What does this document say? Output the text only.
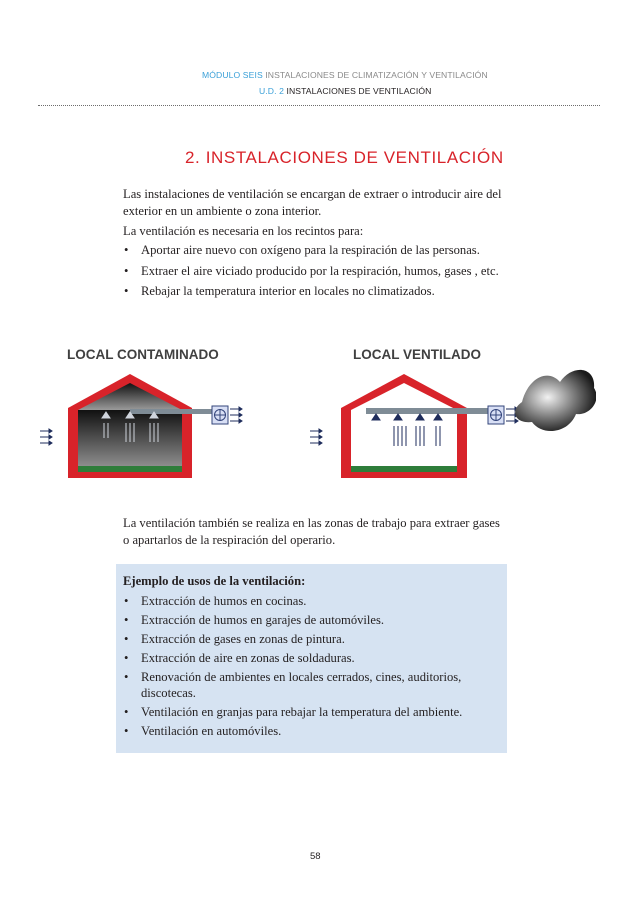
MÓDULO SEIS INSTALACIONES DE CLIMATIZACIÓN Y VENTILACIÓN
U.D. 2 INSTALACIONES DE VENTILACIÓN
2. INSTALACIONES DE VENTILACIÓN
Las instalaciones de ventilación se encargan de extraer o introducir aire del exterior en un ambiente o zona interior.
La ventilación es necesaria en los recintos para:
• Aportar aire nuevo con oxígeno para la respiración de las personas.
• Extraer el aire viciado producido por la respiración, humos, gases , etc.
• Rebajar la temperatura interior en locales no climatizados.
LOCAL CONTAMINADO	LOCAL VENTILADO
La ventilación también se realiza en las zonas de trabajo para extraer gases o apartarlos de la respiración del operario.
Ejemplo de usos de la ventilación:
• Extracción de humos en cocinas.
• Extracción de humos en garajes de automóviles.
• Extracción de gases en zonas de pintura.
• Extracción de aire en zonas de soldaduras.
• Renovación de ambientes en locales cerrados, cines, auditorios, discotecas.
• Ventilación en granjas para rebajar la temperatura del ambiente.
• Ventilación en automóviles.
58
